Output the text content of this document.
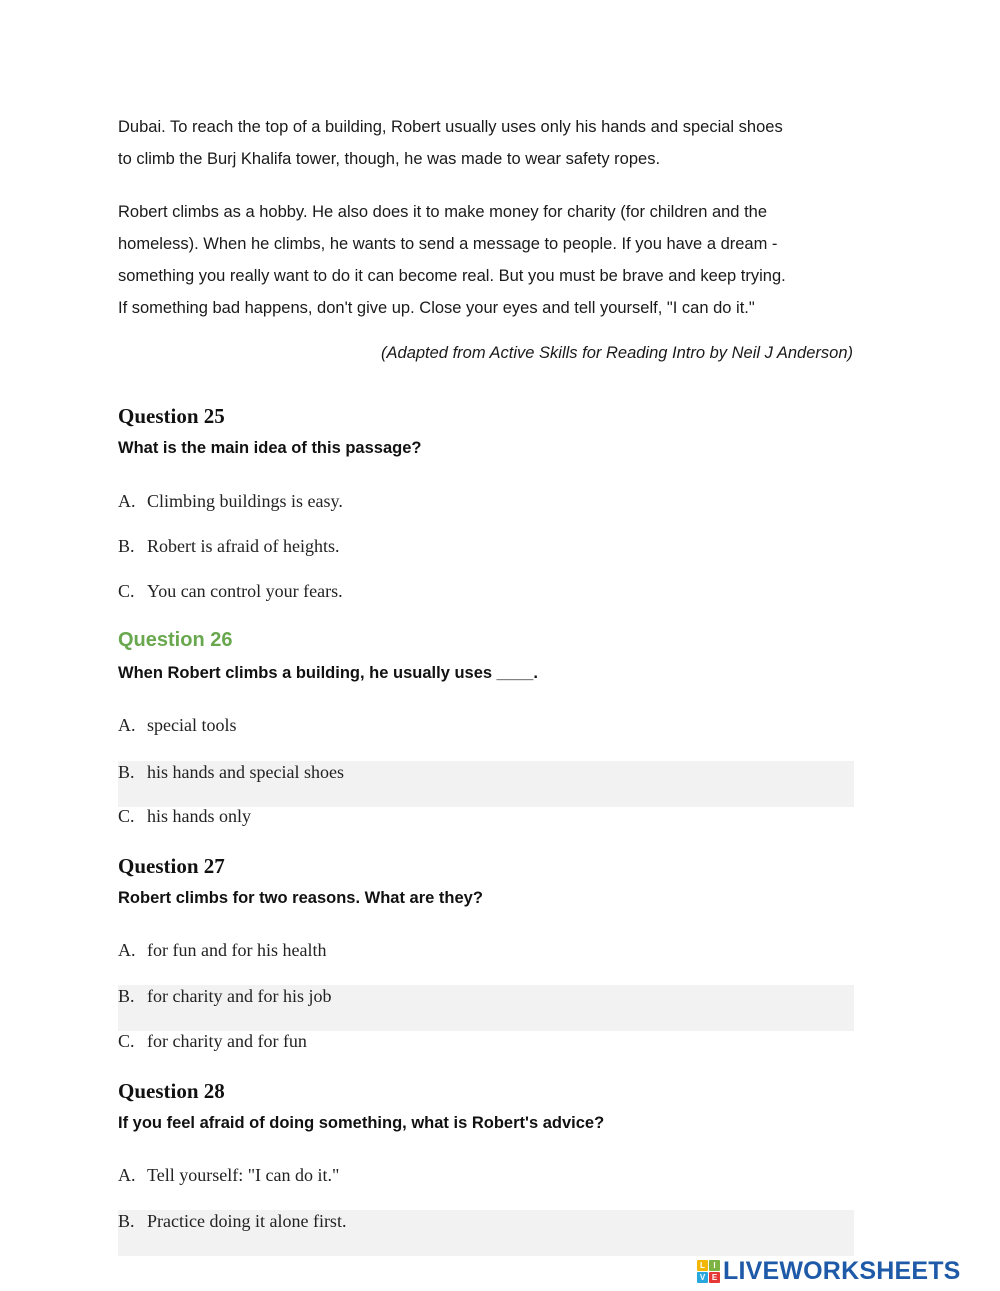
Dubai. To reach the top of a building, Robert usually uses only his hands and special shoes
to climb the Burj Khalifa tower, though, he was made to wear safety ropes.
Robert climbs as a hobby. He also does it to make money for charity (for children and the
homeless). When he climbs, he wants to send a message to people. If you have a dream -
something you really want to do it can become real. But you must be brave and keep trying.
If something bad happens, don't give up. Close your eyes and tell yourself, "I can do it."
(Adapted from Active Skills for Reading Intro by Neil J Anderson)
Question 25

What is the main idea of this passage?

A. Climbing buildings is easy.
B. Robert is afraid of heights.
C. You can control your fears.
Question 26

When Robert climbs a building, he usually uses ____.

A. special tools
B. his hands and special shoes
C. his hands only
Question 27

Robert climbs for two reasons. What are they?

A. for fun and for his health
B. for charity and for his job
C. for charity and for fun
Question 28

If you feel afraid of doing something, what is Robert's advice?

A. Tell yourself: "I can do it."
B. Practice doing it alone first.
L	I
V E LIVEWORKSHEETS
